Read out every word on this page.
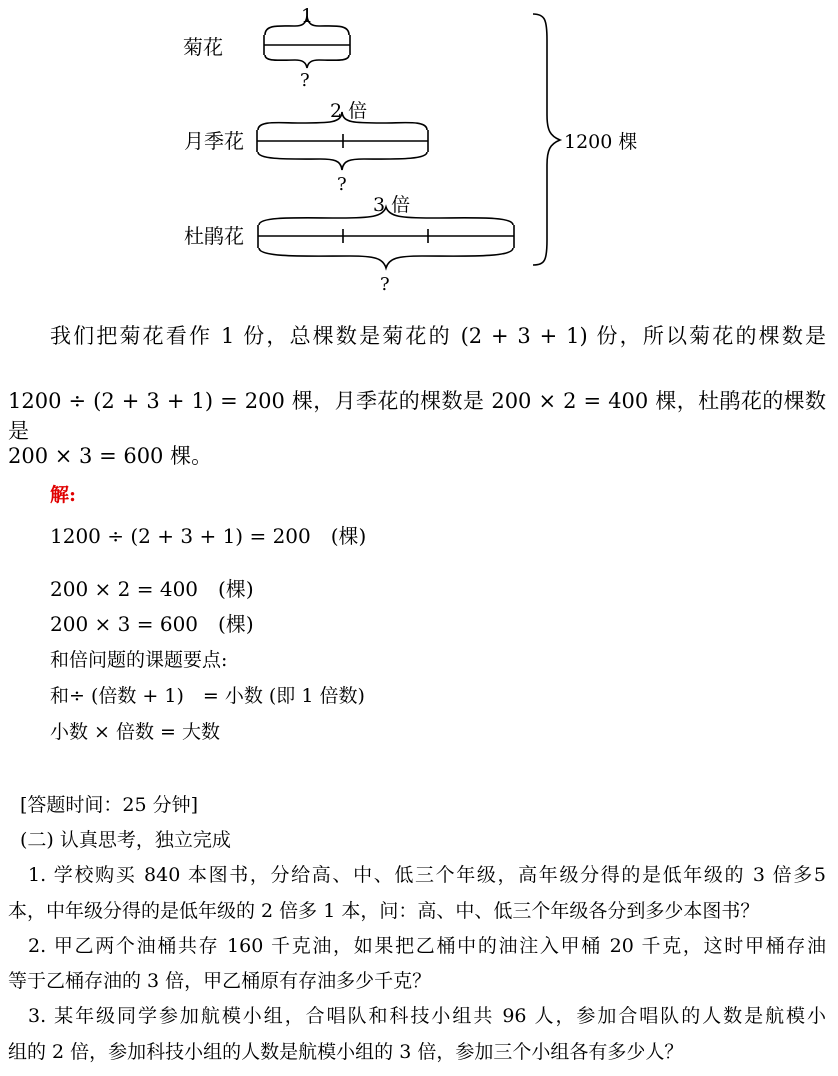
菊花
1
?
月季花
2 倍
?
杜鹃花
3 倍
?
1200 棵
我们把菊花看作 1 份，总棵数是菊花的 (2 + 3 + 1) 份，所以菊花的棵数是
1200 ÷ (2 + 3 + 1) = 200 棵，月季花的棵数是 200 × 2 = 400 棵，杜鹃花的棵数是
200 × 3 = 600 棵。
解:
1200 ÷ (2 + 3 + 1) = 200　(棵)
200 × 2 = 400　(棵)
200 × 3 = 600　(棵)
和倍问题的课题要点:
和÷ (倍数 + 1)　= 小数 (即 1 倍数)
小数 × 倍数 = 大数
[答题时间：25 分钟]
(二) 认真思考，独立完成
1. 学校购买 840 本图书，分给高、中、低三个年级，高年级分得的是低年级的 3 倍多5
本，中年级分得的是低年级的 2 倍多 1 本，问：高、中、低三个年级各分到多少本图书？
2. 甲乙两个油桶共存 160 千克油，如果把乙桶中的油注入甲桶 20 千克，这时甲桶存油
等于乙桶存油的 3 倍，甲乙桶原有存油多少千克？
3. 某年级同学参加航模小组，合唱队和科技小组共 96 人，参加合唱队的人数是航模小
组的 2 倍，参加科技小组的人数是航模小组的 3 倍，参加三个小组各有多少人？
